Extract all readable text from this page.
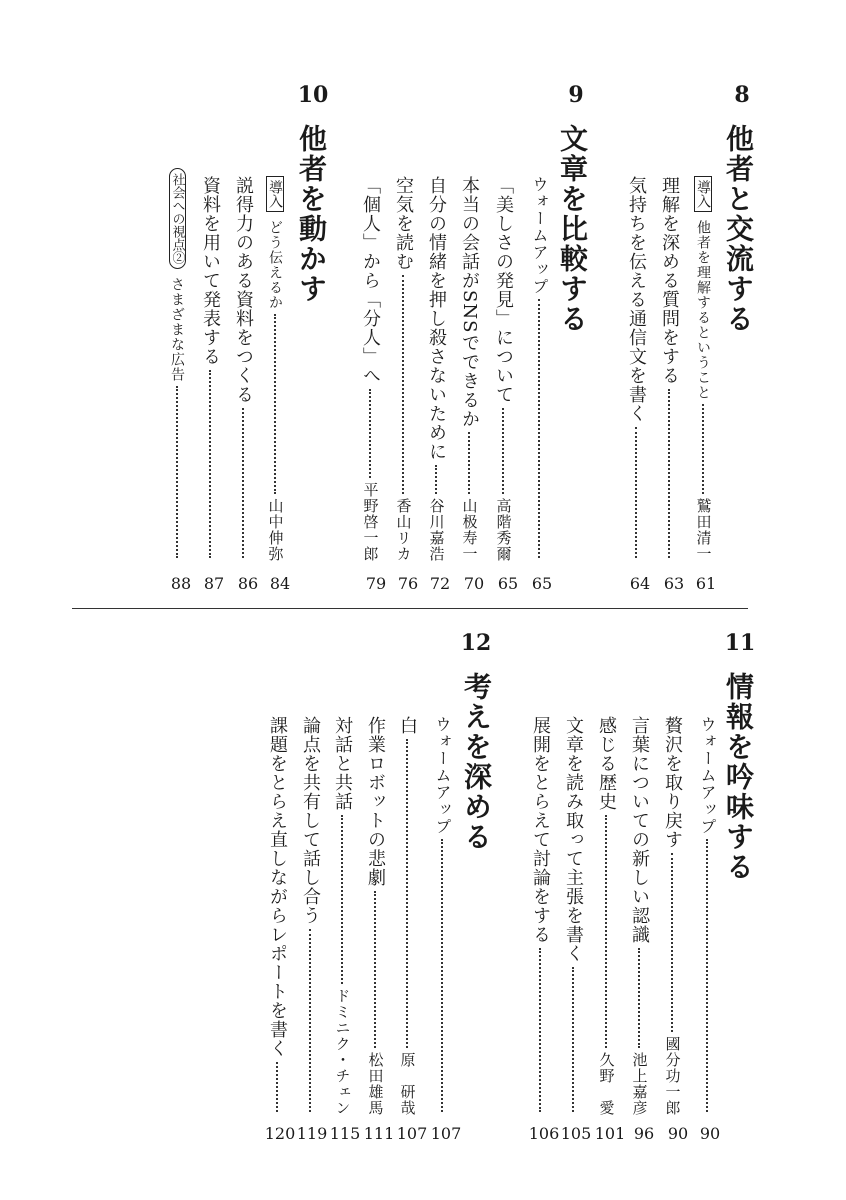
8
他者と交流する
導入
他者を理解するということ
鷲田清一
61
理解を深める質問をする
63
気持ちを伝える通信文を書く
64
9
文章を比較する
ウォームアップ
65
「美しさの発見」について
高階秀爾
65
本当の会話がSNSでできるか
山极寿一
70
自分の情緒を押し殺さないために
谷川嘉浩
72
空気を読む
香山リカ
76
「個人」から「分人」へ
平野啓一郎
79
10
他者を動かす
導入
どう伝えるか
山中伸弥
84
説得力のある資料をつくる
86
資料を用いて発表する
87
社会への視点②
さまざまな広告
88
11
情報を吟味する
ウォームアップ
90
贅沢を取り戻す
國分功一郎
90
言葉についての新しい認識
池上嘉彦
96
感じる歴史
久野　愛
101
文章を読み取って主張を書く
105
展開をとらえて討論をする
106
12
考えを深める
ウォームアップ
107
白
原　研哉
107
作業ロボットの悲劇
松田雄馬
111
対話と共話
ドミニク・チェン
115
論点を共有して話し合う
119
課題をとらえ直しながらレポートを書く
120
